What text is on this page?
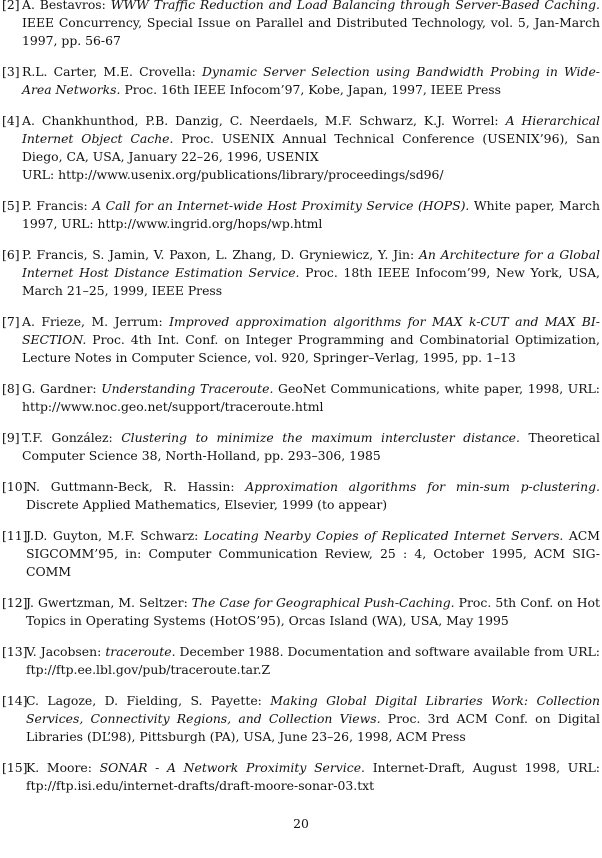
[2] A. Bestavros: WWW Traffic Reduction and Load Balancing through Server-Based Caching. IEEE Concurrency, Special Issue on Parallel and Distributed Technology, vol. 5, Jan-March 1997, pp. 56-67
[3] R.L. Carter, M.E. Crovella: Dynamic Server Selection using Bandwidth Probing in Wide-Area Networks. Proc. 16th IEEE Infocom’97, Kobe, Japan, 1997, IEEE Press
[4] A. Chankhunthod, P.B. Danzig, C. Neerdaels, M.F. Schwarz, K.J. Worrel: A Hierarchical Internet Object Cache. Proc. USENIX Annual Technical Conference (USENIX’96), San Diego, CA, USA, January 22–26, 1996, USENIX
URL: http://www.usenix.org/publications/library/proceedings/sd96/
[5] P. Francis: A Call for an Internet-wide Host Proximity Service (HOPS). White paper, March 1997, URL: http://www.ingrid.org/hops/wp.html
[6] P. Francis, S. Jamin, V. Paxon, L. Zhang, D. Gryniewicz, Y. Jin: An Architecture for a Global Internet Host Distance Estimation Service. Proc. 18th IEEE Infocom’99, New York, USA, March 21–25, 1999, IEEE Press
[7] A. Frieze, M. Jerrum: Improved approximation algorithms for MAX k-CUT and MAX BI-SECTION. Proc. 4th Int. Conf. on Integer Programming and Combinatorial Optimization, Lecture Notes in Computer Science, vol. 920, Springer–Verlag, 1995, pp. 1–13
[8] G. Gardner: Understanding Traceroute. GeoNet Communications, white paper, 1998, URL: http://www.noc.geo.net/support/traceroute.html
[9] T.F. González: Clustering to minimize the maximum intercluster distance. Theoretical Computer Science 38, North-Holland, pp. 293–306, 1985
[10]
N. Guttmann-Beck, R. Hassin: Approximation algorithms for min-sum p-clustering. Discrete Applied Mathematics, Elsevier, 1999 (to appear)
[11]
J.D. Guyton, M.F. Schwarz: Locating Nearby Copies of Replicated Internet Servers. ACM SIGCOMM’95, in: Computer Communication Review, 25 : 4, October 1995, ACM SIG-COMM
[12]
J. Gwertzman, M. Seltzer: The Case for Geographical Push-Caching. Proc. 5th Conf. on Hot Topics in Operating Systems (HotOS’95), Orcas Island (WA), USA, May 1995
[13]
V. Jacobsen: traceroute. December 1988. Documentation and software available from URL: ftp://ftp.ee.lbl.gov/pub/traceroute.tar.Z
[14]
C. Lagoze, D. Fielding, S. Payette: Making Global Digital Libraries Work: Collection Services, Connectivity Regions, and Collection Views. Proc. 3rd ACM Conf. on Digital Libraries (DL’98), Pittsburgh (PA), USA, June 23–26, 1998, ACM Press
[15]
K. Moore: SONAR - A Network Proximity Service. Internet-Draft, August 1998, URL: ftp://ftp.isi.edu/internet-drafts/draft-moore-sonar-03.txt
20
